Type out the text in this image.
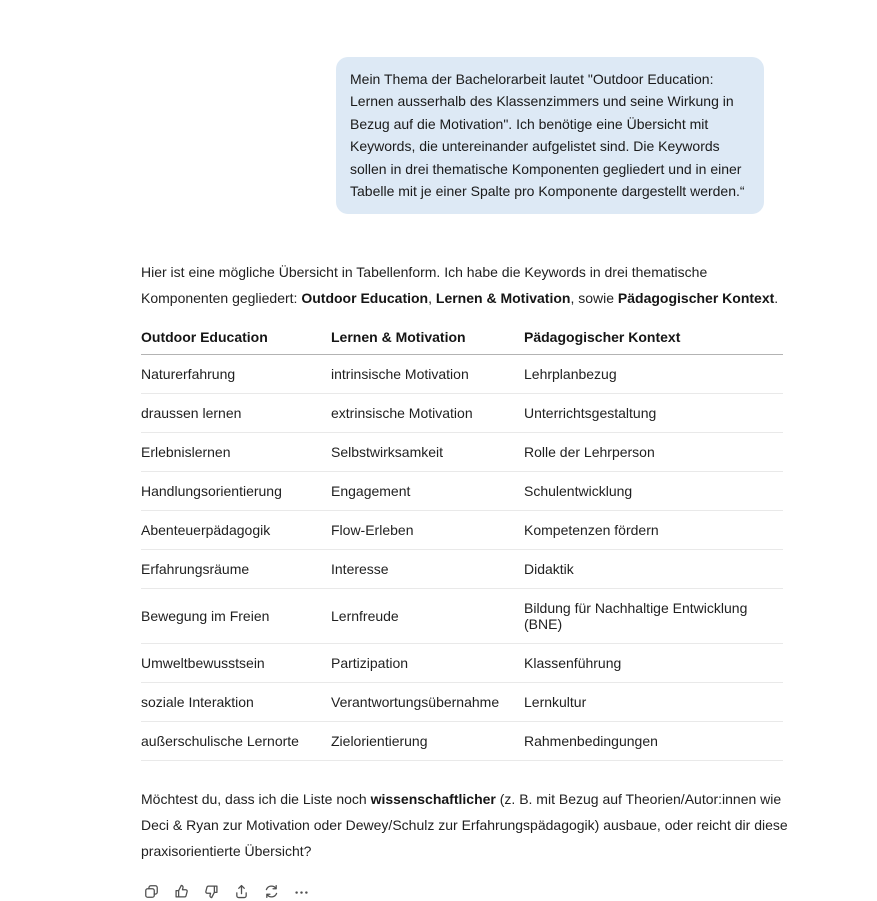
Mein Thema der Bachelorarbeit lautet "Outdoor Education: Lernen ausserhalb des Klassenzimmers und seine Wirkung in Bezug auf die Motivation". Ich benötige eine Übersicht mit Keywords, die untereinander aufgelistet sind. Die Keywords sollen in drei thematische Komponenten gegliedert und in einer Tabelle mit je einer Spalte pro Komponente dargestellt werden.“

Hier ist eine mögliche Übersicht in Tabellenform. Ich habe die Keywords in drei thematische Komponenten gegliedert: Outdoor Education, Lernen & Motivation, sowie Pädagogischer Kontext.

Outdoor Education	Lernen & Motivation	Pädagogischer Kontext
Naturerfahrung	intrinsische Motivation	Lehrplanbezug
draussen lernen	extrinsische Motivation	Unterrichtsgestaltung
Erlebnislernen	Selbstwirksamkeit	Rolle der Lehrperson
Handlungsorientierung	Engagement	Schulentwicklung
Abenteuerpädagogik	Flow-Erleben	Kompetenzen fördern
Erfahrungsräume	Interesse	Didaktik
Bewegung im Freien	Lernfreude	Bildung für Nachhaltige Entwicklung (BNE)
Umweltbewusstsein	Partizipation	Klassenführung
soziale Interaktion	Verantwortungsübernahme	Lernkultur
außerschulische Lernorte	Zielorientierung	Rahmenbedingungen

Möchtest du, dass ich die Liste noch wissenschaftlicher (z. B. mit Bezug auf Theorien/Autor:innen wie Deci & Ryan zur Motivation oder Dewey/Schulz zur Erfahrungspädagogik) ausbaue, oder reicht dir diese praxisorientierte Übersicht?
